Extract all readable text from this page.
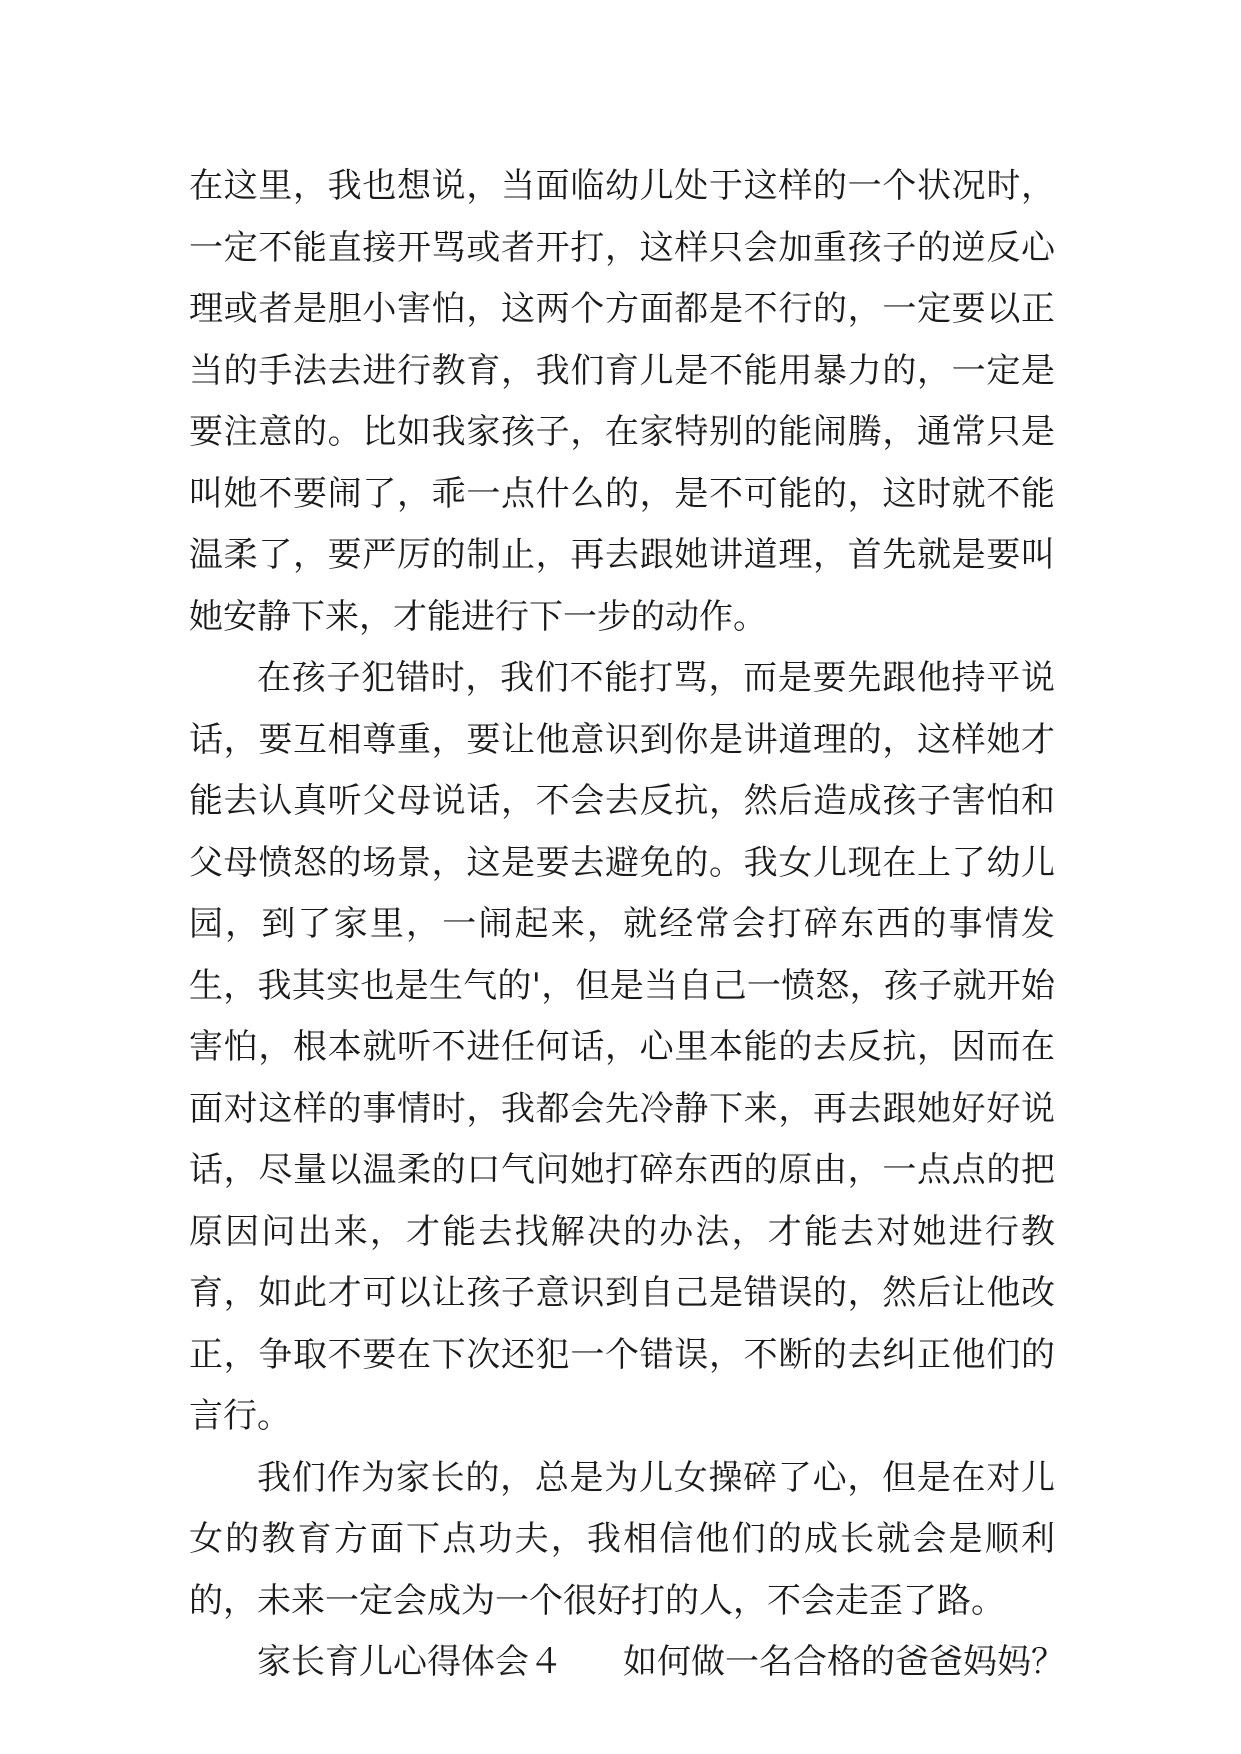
在这里，我也想说，当面临幼儿处于这样的一个状况时，一定不能直接开骂或者开打，这样只会加重孩子的逆反心理或者是胆小害怕，这两个方面都是不行的，一定要以正当的手法去进行教育，我们育儿是不能用暴力的，一定是要注意的。比如我家孩子，在家特别的能闹腾，通常只是叫她不要闹了，乖一点什么的，是不可能的，这时就不能温柔了，要严厉的制止，再去跟她讲道理，首先就是要叫她安静下来，才能进行下一步的动作。

在孩子犯错时，我们不能打骂，而是要先跟他持平说话，要互相尊重，要让他意识到你是讲道理的，这样她才能去认真听父母说话，不会去反抗，然后造成孩子害怕和父母愤怒的场景，这是要去避免的。我女儿现在上了幼儿园，到了家里，一闹起来，就经常会打碎东西的事情发生，我其实也是生气的'，但是当自己一愤怒，孩子就开始害怕，根本就听不进任何话，心里本能的去反抗，因而在面对这样的事情时，我都会先冷静下来，再去跟她好好说话，尽量以温柔的口气问她打碎东西的原由，一点点的把原因问出来，才能去找解决的办法，才能去对她进行教育，如此才可以让孩子意识到自己是错误的，然后让他改正，争取不要在下次还犯一个错误，不断的去纠正他们的言行。

我们作为家长的，总是为儿女操碎了心，但是在对儿女的教育方面下点功夫，我相信他们的成长就会是顺利的，未来一定会成为一个很好打的人，不会走歪了路。

家长育儿心得体会４ 如何做一名合格的爸爸妈妈？
